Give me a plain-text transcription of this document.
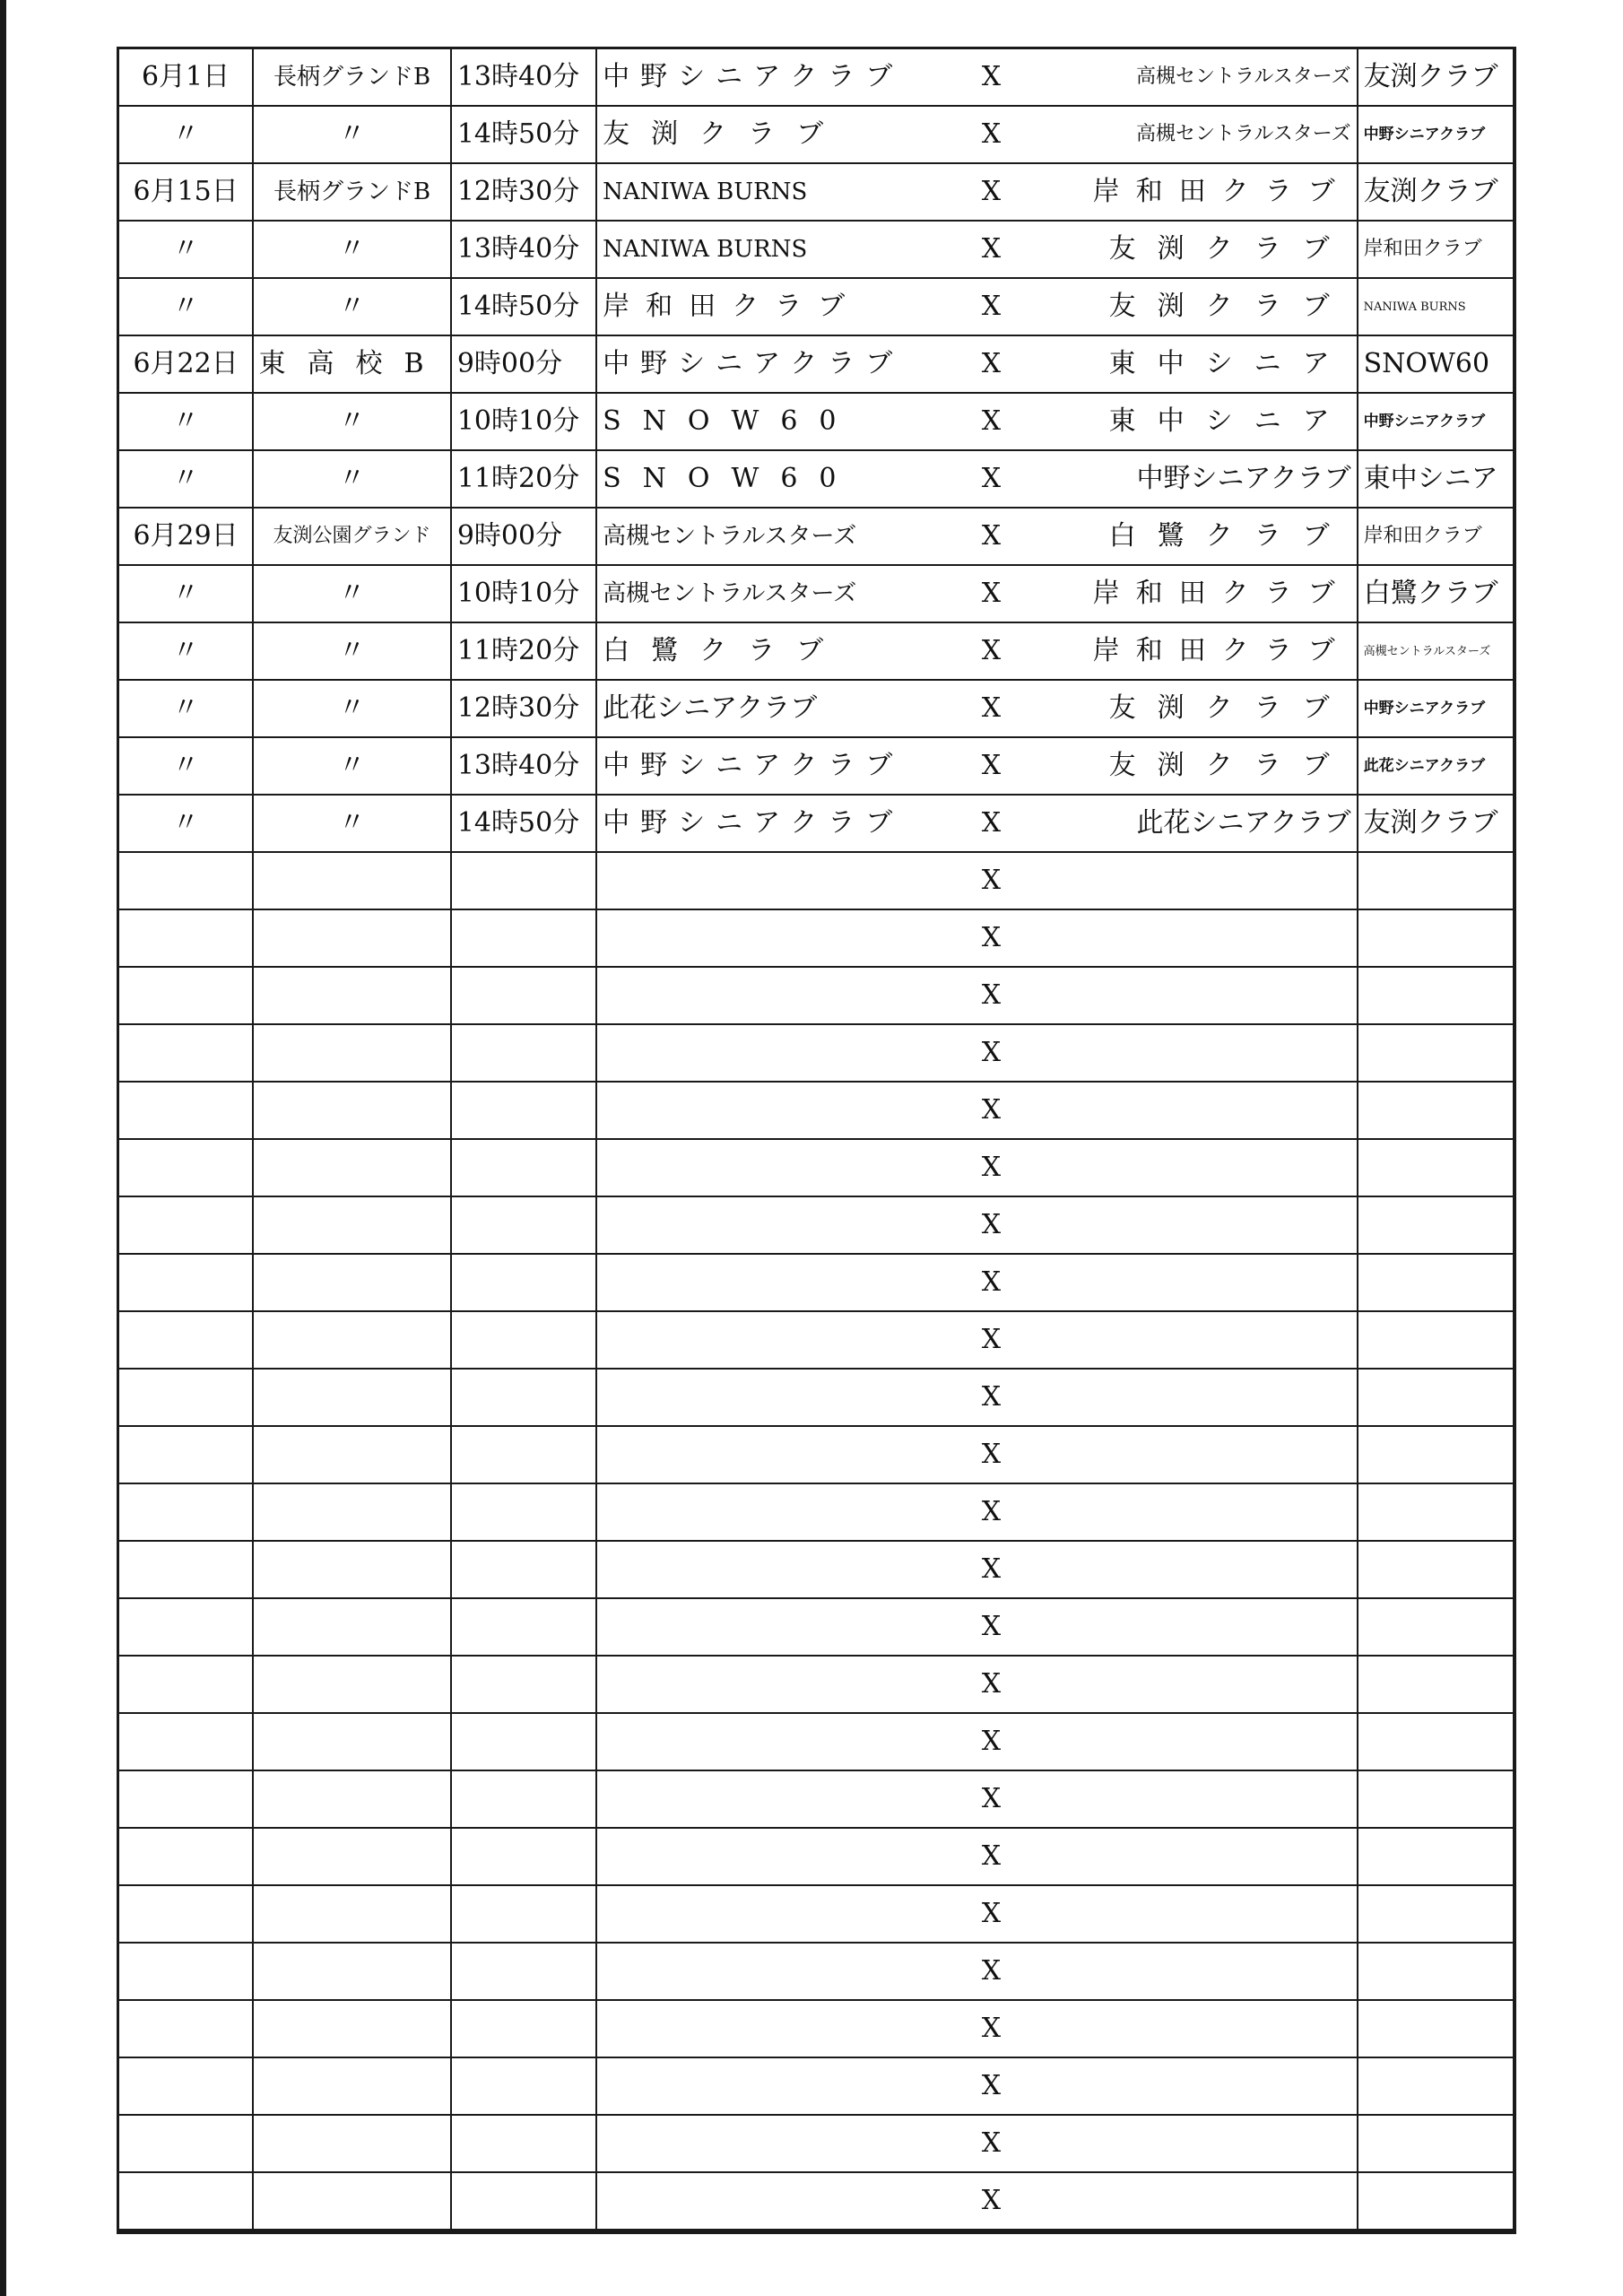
6月1日	長柄グランドB	13時40分	中野シニアクラブ	X	高槻セントラルスターズ	友渕クラブ
〃	〃	14時50分	友渕クラブ	X	高槻セントラルスターズ	中野シニアクラブ
6月15日	長柄グランドB	12時30分	NANIWA BURNS	X	岸和田クラブ	友渕クラブ
〃	〃	13時40分	NANIWA BURNS	X	友渕クラブ	岸和田クラブ
〃	〃	14時50分	岸和田クラブ	X	友渕クラブ	NANIWA BURNS
6月22日	東高校B	9時00分	中野シニアクラブ	X	東中シニア	SNOW60
〃	〃	10時10分	SNOW60	X	東中シニア	中野シニアクラブ
〃	〃	11時20分	SNOW60	X	中野シニアクラブ	東中シニア
6月29日	友渕公園グランド	9時00分	高槻セントラルスターズ	X	白鷺クラブ	岸和田クラブ
〃	〃	10時10分	高槻セントラルスターズ	X	岸和田クラブ	白鷺クラブ
〃	〃	11時20分	白鷺クラブ	X	岸和田クラブ	高槻セントラルスターズ
〃	〃	12時30分	此花シニアクラブ	X	友渕クラブ	中野シニアクラブ
〃	〃	13時40分	中野シニアクラブ	X	友渕クラブ	此花シニアクラブ
〃	〃	14時50分	中野シニアクラブ	X	此花シニアクラブ	友渕クラブ
				X		
				X		
				X		
				X		
				X		
				X		
				X		
				X		
				X		
				X		
				X		
				X		
				X		
				X		
				X		
				X		
				X		
				X		
				X		
				X		
				X		
				X		
				X		
				X		
